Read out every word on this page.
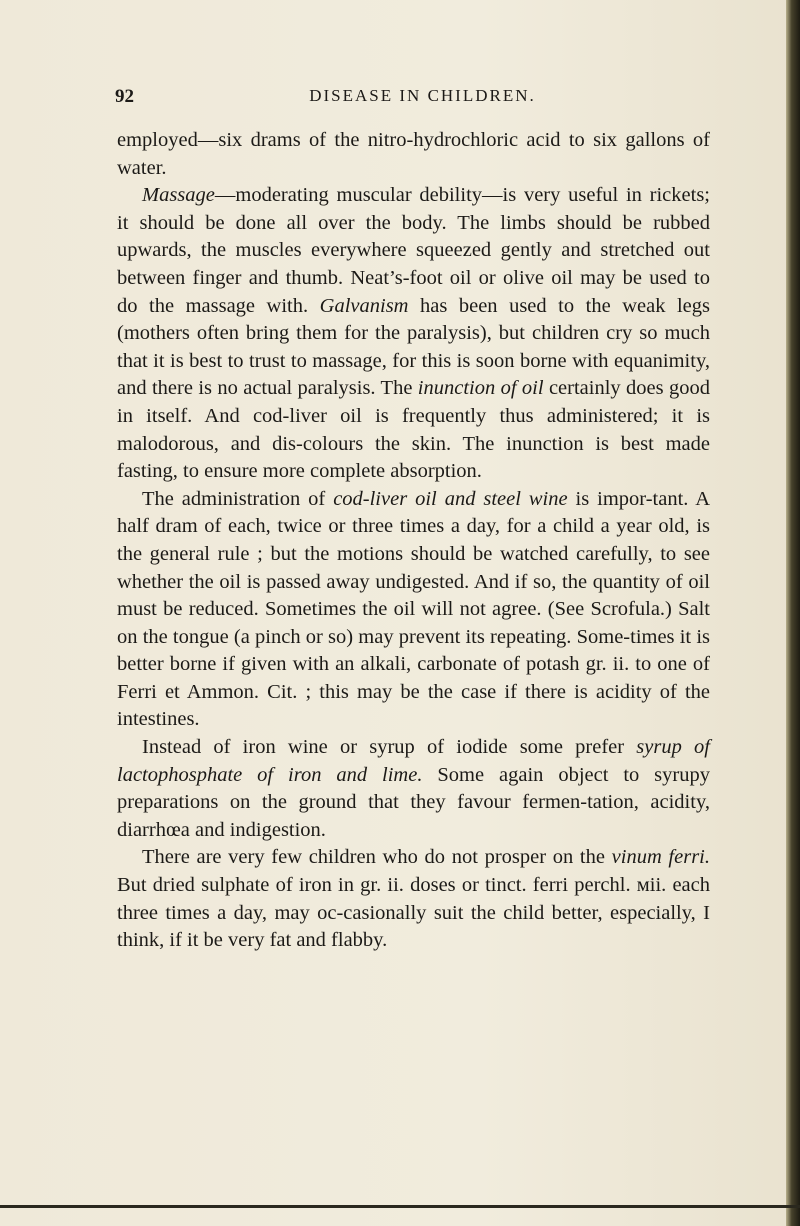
92	DISEASE IN CHILDREN.

employed—six drams of the nitro-hydrochloric acid to six gallons of water.

Massage—moderating muscular debility—is very useful in rickets; it should be done all over the body. The limbs should be rubbed upwards, the muscles everywhere squeezed gently and stretched out between finger and thumb. Neat’s-foot oil or olive oil may be used to do the massage with. Galvanism has been used to the weak legs (mothers often bring them for the paralysis), but children cry so much that it is best to trust to massage, for this is soon borne with equanimity, and there is no actual paralysis. The inunction of oil certainly does good in itself. And cod-liver oil is frequently thus administered; it is malodorous, and dis-colours the skin. The inunction is best made fasting, to ensure more complete absorption.

The administration of cod-liver oil and steel wine is impor-tant. A half dram of each, twice or three times a day, for a child a year old, is the general rule ; but the motions should be watched carefully, to see whether the oil is passed away undigested. And if so, the quantity of oil must be reduced. Sometimes the oil will not agree. (See Scrofula.) Salt on the tongue (a pinch or so) may prevent its repeating. Some-times it is better borne if given with an alkali, carbonate of potash gr. ii. to one of Ferri et Ammon. Cit. ; this may be the case if there is acidity of the intestines.

Instead of iron wine or syrup of iodide some prefer syrup of lactophosphate of iron and lime. Some again object to syrupy preparations on the ground that they favour fermen-tation, acidity, diarrhœa and indigestion.

There are very few children who do not prosper on the vinum ferri. But dried sulphate of iron in gr. ii. doses or tinct. ferri perchl. ᴍii. each three times a day, may oc-casionally suit the child better, especially, I think, if it be very fat and flabby.
